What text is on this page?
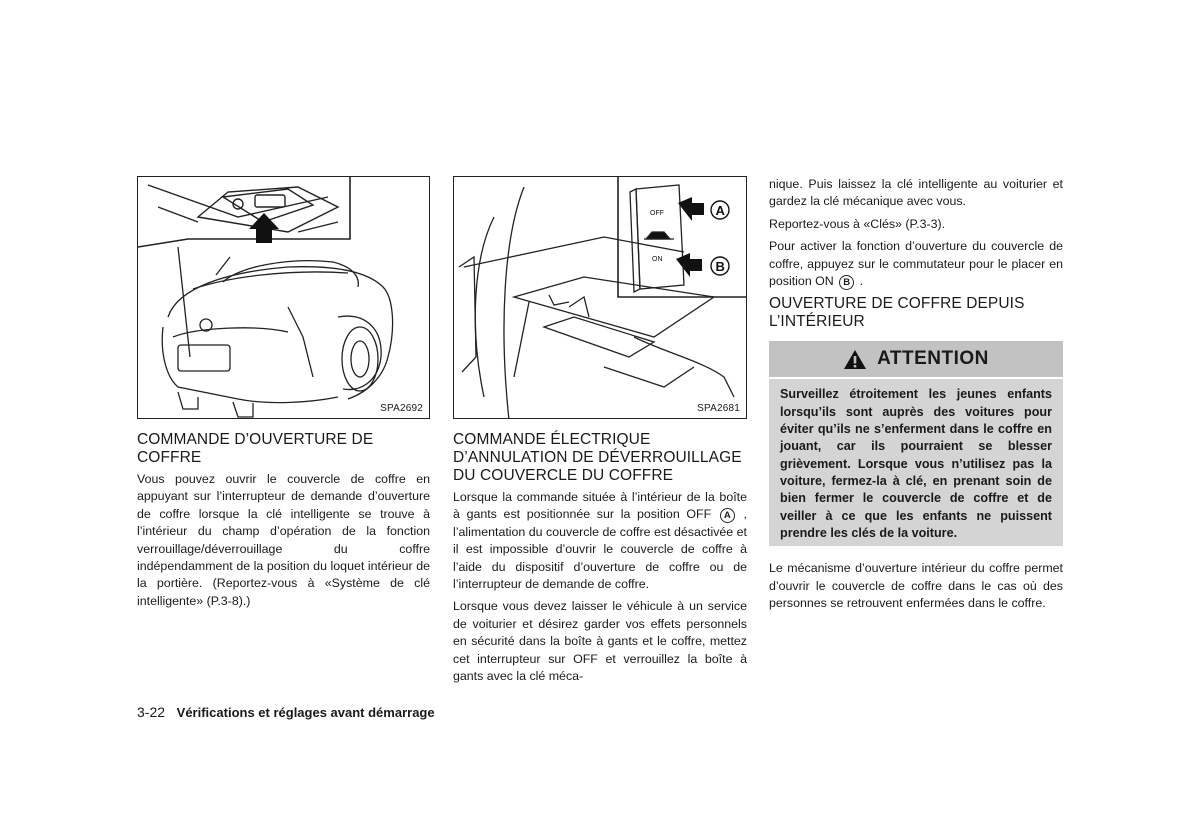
SPA2692
COMMANDE D’OUVERTURE DE COFFRE

Vous pouvez ouvrir le couvercle de coffre en appuyant sur l’interrupteur de demande d’ouverture de coffre lorsque la clé intelligente se trouve à l’intérieur du champ d’opération de la fonction verrouillage/déverrouillage du coffre indépendamment de la position du loquet intérieur de la portière. (Reportez-vous à «Système de clé intelligente» (P.3-8).)

OFF
ON
A
B
SPA2681
COMMANDE ÉLECTRIQUE D’ANNULATION DE DÉVERROUILLAGE DU COUVERCLE DU COFFRE

Lorsque la commande située à l’intérieur de la boîte à gants est positionnée sur la position OFF A , l’alimentation du couvercle de coffre est désactivée et il est impossible d’ouvrir le couvercle de coffre à l’aide du dispositif d’ouverture de coffre ou de l’interrupteur de demande de coffre.

Lorsque vous devez laisser le véhicule à un service de voiturier et désirez garder vos effets personnels en sécurité dans la boîte à gants et le coffre, mettez cet interrupteur sur OFF et verrouillez la boîte à gants avec la clé méca-

nique. Puis laissez la clé intelligente au voiturier et gardez la clé mécanique avec vous.

Reportez-vous à «Clés» (P.3-3).

Pour activer la fonction d’ouverture du couvercle de coffre, appuyez sur le commutateur pour le placer en position ON B .

OUVERTURE DE COFFRE DEPUIS L’INTÉRIEUR
ATTENTION
Surveillez étroitement les jeunes enfants lorsqu’ils sont auprès des voitures pour éviter qu’ils ne s’enferment dans le coffre en jouant, car ils pourraient se blesser grièvement. Lorsque vous n’utilisez pas la voiture, fermez-la à clé, en prenant soin de bien fermer le couvercle de coffre et de veiller à ce que les enfants ne puissent prendre les clés de la voiture.

Le mécanisme d’ouverture intérieur du coffre permet d’ouvrir le couvercle de coffre dans le cas où des personnes se retrouvent enfermées dans le coffre.

3-22 Vérifications et réglages avant démarrage
